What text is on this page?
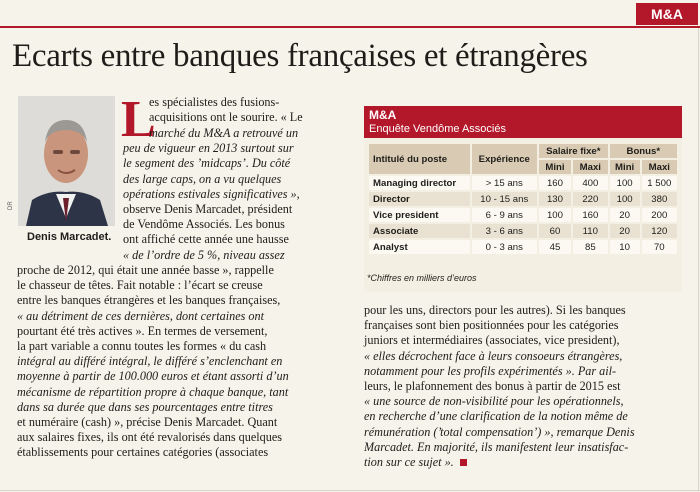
M&A
Ecarts entre banques françaises et étrangères
DR
Denis Marcadet.
L
es spécialistes des fusions-
acquisitions ont le sourire. « Le
marché du M&A a retrouvé un
peu de vigueur en 2013 surtout sur
le segment des ’midcaps’. Du côté
des large caps, on a vu quelques
opérations estivales significatives »,
observe Denis Marcadet, président
de Vendôme Associés. Les bonus
ont affiché cette année une hausse
« de l’ordre de 5 %, niveau assez
proche de 2012, qui était une année basse », rappelle
le chasseur de têtes. Fait notable : l’écart se creuse
entre les banques étrangères et les banques françaises,
« au détriment de ces dernières, dont certaines ont
pourtant été très actives ». En termes de versement,
la part variable a connu toutes les formes « du cash
intégral au différé intégral, le différé s’enclenchant en
moyenne à partir de 100.000 euros et étant assorti d’un
mécanisme de répartition propre à chaque banque, tant
dans sa durée que dans ses pourcentages entre titres
et numéraire (cash) », précise Denis Marcadet. Quant
aux salaires fixes, ils ont été revalorisés dans quelques
établissements pour certaines catégories (associates
M&A
Enquête Vendôme Associés
Intitulé du poste	Expérience	Salaire fixe*		Bonus*	
		Mini	Maxi	Mini	Maxi
Managing director	> 15 ans	160	400	100	1 500
Director	10 - 15 ans	130	220	100	380
Vice president	6 - 9 ans	100	160	20	200
Associate	3 - 6 ans	60	110	20	120
Analyst	0 - 3 ans	45	85	10	70
*Chiffres en milliers d’euros
pour les uns, directors pour les autres). Si les banques
françaises sont bien positionnées pour les catégories
juniors et intermédiaires (associates, vice president),
« elles décrochent face à leurs consoeurs étrangères,
notamment pour les profils expérimentés ». Par ail-
leurs, le plafonnement des bonus à partir de 2015 est
« une source de non-visibilité pour les opérationnels,
en recherche d’une clarification de la notion même de
rémunération (’total compensation’) », remarque Denis
Marcadet. En majorité, ils manifestent leur insatisfac-
tion sur ce sujet ».
